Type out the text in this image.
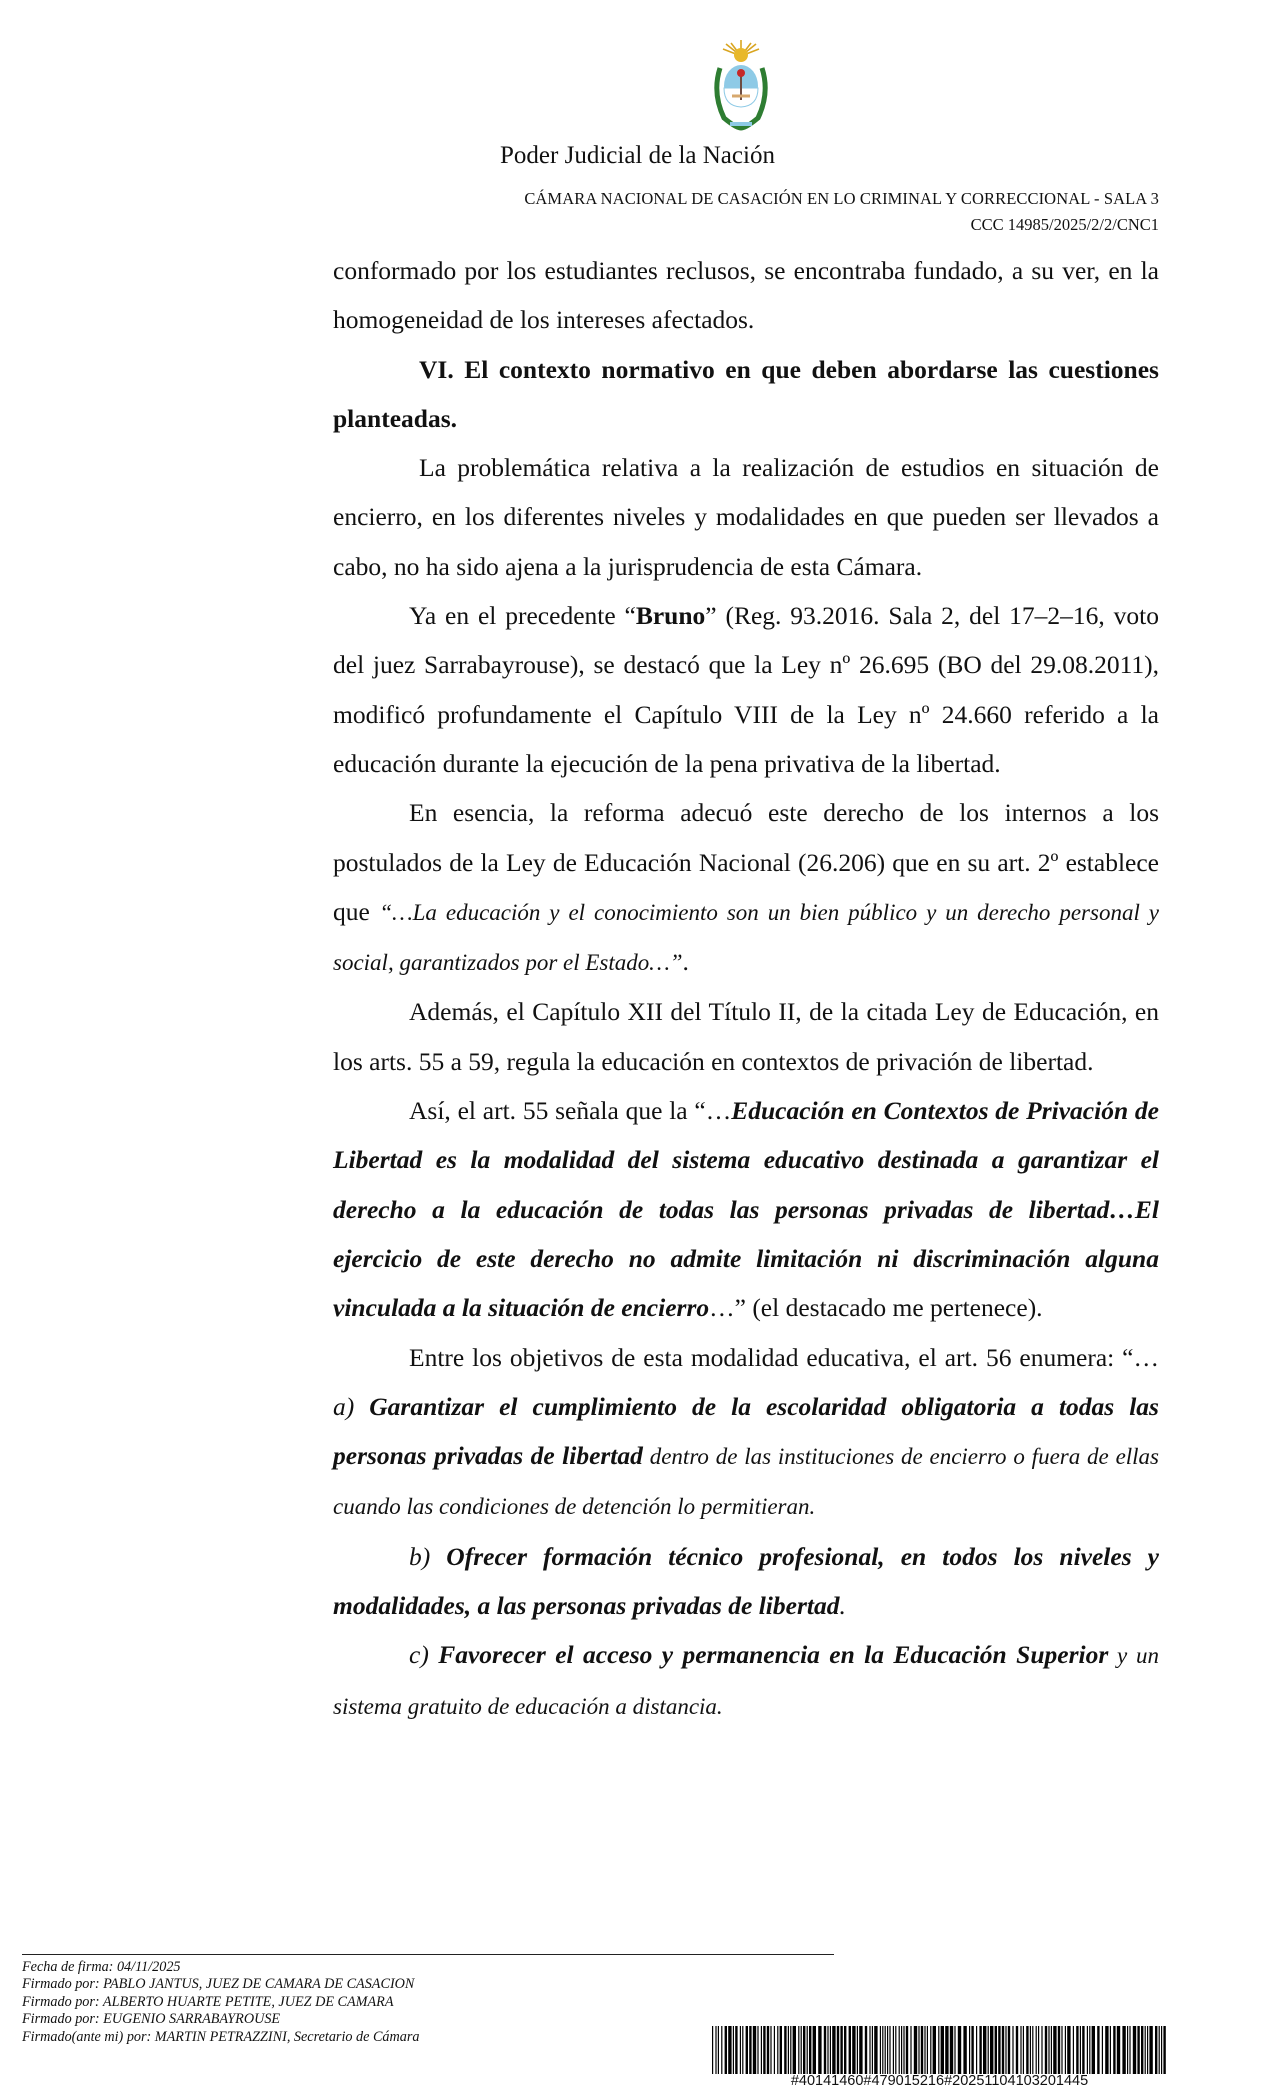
Poder Judicial de la Nación
CÁMARA NACIONAL DE CASACIÓN EN LO CRIMINAL Y CORRECCIONAL - SALA 3
CCC 14985/2025/2/2/CNC1

conformado por los estudiantes reclusos, se encontraba fundado, a su ver, en la homogeneidad de los intereses afectados.

VI. El contexto normativo en que deben abordarse las cuestiones planteadas.

La problemática relativa a la realización de estudios en situación de encierro, en los diferentes niveles y modalidades en que pueden ser llevados a cabo, no ha sido ajena a la jurisprudencia de esta Cámara.

Ya en el precedente “Bruno” (Reg. 93.2016. Sala 2, del 17–2–16, voto del juez Sarrabayrouse), se destacó que la Ley nº 26.695 (BO del 29.08.2011), modificó profundamente el Capítulo VIII de la Ley nº 24.660 referido a la educación durante la ejecución de la pena privativa de la libertad.

En esencia, la reforma adecuó este derecho de los internos a los postulados de la Ley de Educación Nacional (26.206) que en su art. 2º establece que “…La educación y el conocimiento son un bien público y un derecho personal y social, garantizados por el Estado…”.

Además, el Capítulo XII del Título II, de la citada Ley de Educación, en los arts. 55 a 59, regula la educación en contextos de privación de libertad.

Así, el art. 55 señala que la “…Educación en Contextos de Privación de Libertad es la modalidad del sistema educativo destinada a garantizar el derecho a la educación de todas las personas privadas de libertad…El ejercicio de este derecho no admite limitación ni discriminación alguna vinculada a la situación de encierro…” (el destacado me pertenece).

Entre los objetivos de esta modalidad educativa, el art. 56 enumera: “…a) Garantizar el cumplimiento de la escolaridad obligatoria a todas las personas privadas de libertad dentro de las instituciones de encierro o fuera de ellas cuando las condiciones de detención lo permitieran.

b) Ofrecer formación técnico profesional, en todos los niveles y modalidades, a las personas privadas de libertad.

c) Favorecer el acceso y permanencia en la Educación Superior y un sistema gratuito de educación a distancia.

Fecha de firma: 04/11/2025
Firmado por: PABLO JANTUS, JUEZ DE CAMARA DE CASACION
Firmado por: ALBERTO HUARTE PETITE, JUEZ DE CAMARA
Firmado por: EUGENIO SARRABAYROUSE
Firmado(ante mi) por: MARTIN PETRAZZINI, Secretario de Cámara
#40141460#479015216#20251104103201445
